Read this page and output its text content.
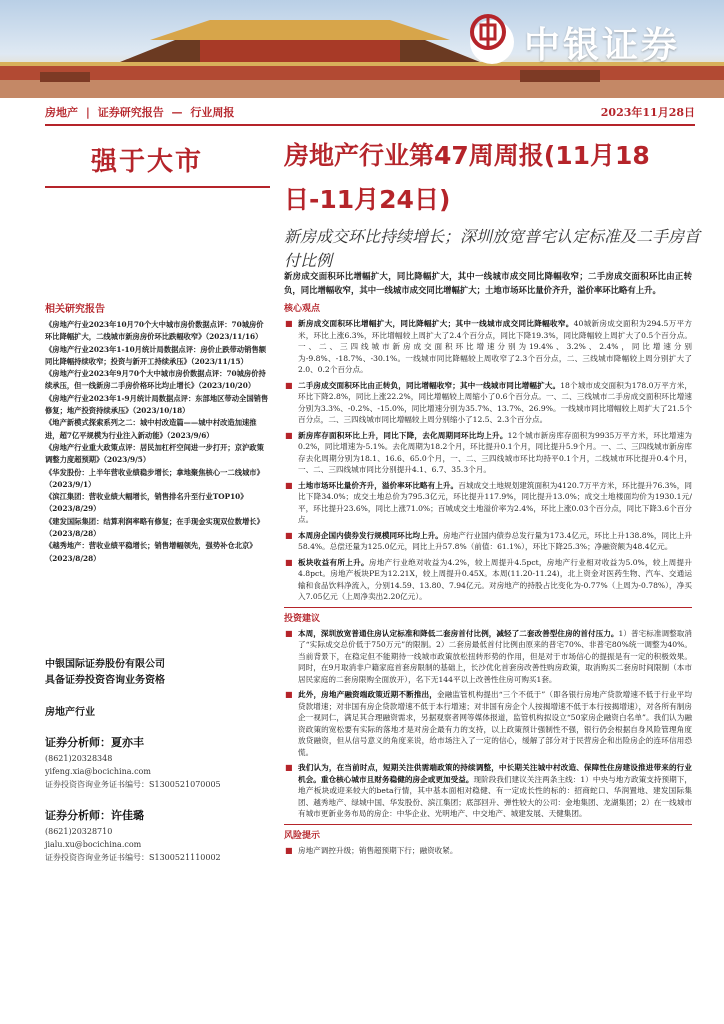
中银证券
房地产 | 证券研究报告 — 行业周报	2023年11月28日
强于大市	房地产行业第47周周报(11月18日-11月24日)
新房成交环比持续增长；深圳放宽普宅认定标准及二手房首付比例
相关研究报告
《房地产行业2023年10月70个大中城市房价数据点评：70城房价环比降幅扩大，二线城市新房房价环比跌幅收窄》（2023/11/16）
《房地产行业2023年1-10月统计局数据点评：房价止跌带动销售额同比降幅持续收窄；投资与新开工持续承压》（2023/11/15）
《房地产行业2023年9月70个大中城市房价数据点评：70城房价持续承压，但一线新房二手房价格环比均止增长》（2023/10/20）
《房地产行业2023年1-9月统计局数据点评：东部地区带动全国销售修复；地产投资持续承压》（2023/10/18）
《地产新模式探索系列之二：城中村改造篇——城中村改造加速推进，超7亿平规模为行业注入新动能》（2023/9/6）
《房地产行业重大政策点评：居民加杠杆空间进一步打开；京沪政策调整力度超预期》（2023/9/5）
《华发股份：上半年营收业绩稳步增长；拿地聚焦核心一二线城市》（2023/9/1）
《滨江集团：营收业绩大幅增长，销售排名升至行业TOP10》（2023/8/29）
《建发国际集团：结算利润率略有修复；在手现金实现双位数增长》（2023/8/28）
《越秀地产：营收业绩平稳增长；销售增幅领先，强势补仓北京》（2023/8/28）
中银国际证券股份有限公司
具备证券投资咨询业务资格
房地产行业
证券分析师：夏亦丰
(8621)20328348
yifeng.xia@bocichina.com
证券投资咨询业务证书编号：S1300521070005
证券分析师：许佳璐
(8621)20328710
jialu.xu@bocichina.com
证券投资咨询业务证书编号：S1300521110002
新房成交面积环比增幅扩大，同比降幅扩大，其中一线城市成交同比降幅收窄；二手房成交面积环比由正转负，同比增幅收窄，其中一线城市成交同比增幅扩大；土地市场环比量价齐升，溢价率环比略有上升。
核心观点
■ 新房成交面积环比增幅扩大，同比降幅扩大；其中一线城市成交同比降幅收窄。40城新房成交面积为294.5万平方米，环比上涨6.3%，环比增幅较上周扩大了2.4个百分点，同比下降19.3%，同比降幅较上周扩大了0.5个百分点。一、二、三四线城市新房成交面积环比增速分别为19.4%、3.2%、2.4%，同比增速分别为-9.8%、-18.7%、-30.1%。一线城市同比降幅较上周收窄了2.3个百分点，二、三线城市降幅较上周分别扩大了2.0、0.2个百分点。
■ 二手房成交面积环比由正转负，同比增幅收窄；其中一线城市同比增幅扩大。18个城市成交面积为178.0万平方米，环比下降2.8%，同比上涨22.2%，同比增幅较上周缩小了0.6个百分点。一、二、三线城市二手房成交面积环比增速分别为3.3%、-0.2%、-15.0%，同比增速分别为35.7%、13.7%、26.9%。一线城市同比增幅较上周扩大了21.5个百分点，二、三四线城市同比增幅较上周分别缩小了12.5、2.3个百分点。
■ 新房库存面积环比上升，同比下降，去化周期同环比均上升。12个城市新房库存面积为9935万平方米，环比增速为0.2%，同比增速为-5.1%。去化周期为18.2个月，环比提升0.1个月，同比提升5.9个月。一、二、三四线城市新房库存去化周期分别为18.1、16.6、65.0个月，一、二、三四线城市环比均持平0.1个月，二线城市环比提升0.4个月，一、二、三四线城市同比分别提升4.1、6.7、35.3个月。
■ 土地市场环比量价齐升，溢价率环比略有上升。百城成交土地规划建筑面积为4120.7万平方米，环比提升76.3%，同比下降34.0%；成交土地总价为795.3亿元，环比提升117.9%，同比提升13.0%；成交土地楼面均价为1930.1元/平，环比提升23.6%，同比上涨71.0%；百城成交土地溢价率为2.4%，环比上涨0.03个百分点，同比下降3.6个百分点。
■ 本周房企国内债券发行规模同环比均上升。房地产行业国内债券总发行量为173.4亿元，环比上升138.8%，同比上升58.4%。总偿还量为125.0亿元，同比上升57.8%（前值：61.1%），环比下降25.3%；净融资额为48.4亿元。
■ 板块收益有所上升。房地产行业绝对收益为4.2%，较上周提升4.5pct，房地产行业相对收益为5.0%，较上周提升4.8pct。房地产板块PE为12.21X，较上周提升0.45X。本周(11.20-11.24)，北上资金对医药生物、汽车、交通运输和食品饮料净流入，分别14.59、13.80、7.94亿元。对房地产的持股占比变化为-0.77%（上周为-0.78%），净买入7.05亿元（上周净卖出2.20亿元）。
投资建议
■ 本周，深圳放宽普通住房认定标准和降低二套房首付比例，减轻了二套改善型住房的首付压力。1）普宅标准调整取消了“实际成交总价低于750万元”的限制。2）二套房最低首付比例由原来的普宅70%、非普宅80%统一调整为40%。当前背景下，在稳定但不能期待一线城市政策放松扭转形势的作用，但是对于市场信心的提振是有一定的积极效果。同时，在9月取消非户籍家庭首套房限制的基础上，长沙优化首套房改善性购房政策，取消购买二套房时间限制（本市居民家庭的二套房限购全面放开），名下无144平以上改善性住房可购买1套。
■ 此外，房地产融资端政策近期不断推出，金融监管机构提出“三个不低于”（即各银行房地产贷款增速不低于行业平均贷款增速；对非国有房企贷款增速不低于本行增速；对非国有房企个人按揭增速不低于本行按揭增速），对各所有制房企一视同仁，满足其合理融资需求，另据观察者网等媒体报道，监管机构拟设立“50家房企融资白名单”。我们认为融资政策的宽松要有实际的落地才是对房企最有力的支持，以上政策预计强制性不强，银行仍会根据自身风险管理角度放贷融资，但从信号意义的角度来说，给市场注入了一定的信心，缓解了部分对于民营房企和出险房企的连环信用恐慌。
■ 我们认为，在当前时点，短期关注供需端政策的持续调整，中长期关注城中村改造、保障性住房建设推进带来的行业机会。重仓核心城市且财务稳健的房企或更加受益。现阶段我们建议关注两条主线：1）中央与地方政策支持预期下，地产板块或迎来较大的beta行情，其中基本面相对稳健、有一定成长性的标的：招商蛇口、华润置地、建发国际集团、越秀地产、绿城中国、华发股份、滨江集团；底部回升、弹性较大的公司：金地集团、龙湖集团；2）在一线城市有城市更新业务布局的房企：中华企业、光明地产、中交地产、城建发展、天健集团。
风险提示
■ 房地产调控升级；销售超预期下行；融资收紧。
